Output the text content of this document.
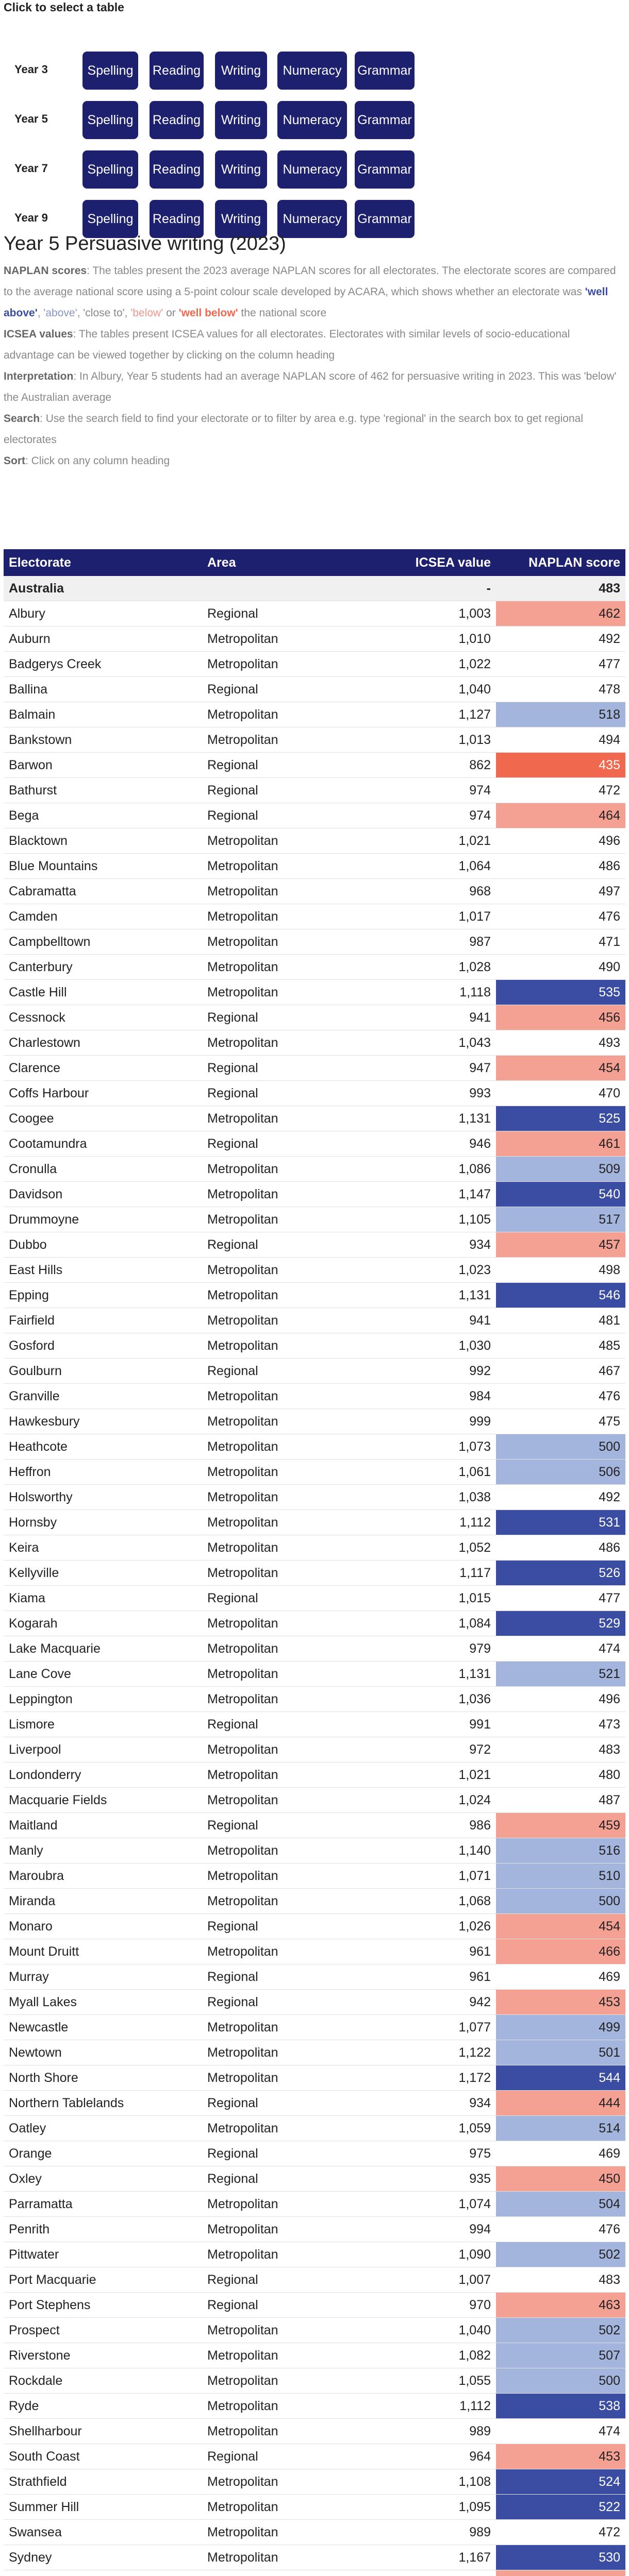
Click to select a table
Year 3	Spelling	Reading	Writing	Numeracy	Grammar
Year 5	Spelling	Reading	Writing	Numeracy	Grammar
Year 7	Spelling	Reading	Writing	Numeracy	Grammar
Year 9	Spelling	Reading	Writing	Numeracy	Grammar
Year 5 Persuasive writing (2023)
NAPLAN scores: The tables present the 2023 average NAPLAN scores for all electorates. The electorate scores are compared to the average national score using a 5-point colour scale developed by ACARA, which shows whether an electorate was 'well above', 'above', 'close to', 'below' or 'well below' the national score
ICSEA values: The tables present ICSEA values for all electorates. Electorates with similar levels of socio-educational advantage can be viewed together by clicking on the column heading
Interpretation: In Albury, Year 5 students had an average NAPLAN score of 462 for persuasive writing in 2023. This was 'below' the Australian average
Search: Use the search field to find your electorate or to filter by area e.g. type 'regional' in the search box to get regional electorates
Sort: Click on any column heading
Electorate	Area	ICSEA value	NAPLAN score
Australia		-	483
Albury	Regional	1,003	462
Auburn	Metropolitan	1,010	492
Badgerys Creek	Metropolitan	1,022	477
Ballina	Regional	1,040	478
Balmain	Metropolitan	1,127	518
Bankstown	Metropolitan	1,013	494
Barwon	Regional	862	435
Bathurst	Regional	974	472
Bega	Regional	974	464
Blacktown	Metropolitan	1,021	496
Blue Mountains	Metropolitan	1,064	486
Cabramatta	Metropolitan	968	497
Camden	Metropolitan	1,017	476
Campbelltown	Metropolitan	987	471
Canterbury	Metropolitan	1,028	490
Castle Hill	Metropolitan	1,118	535
Cessnock	Regional	941	456
Charlestown	Metropolitan	1,043	493
Clarence	Regional	947	454
Coffs Harbour	Regional	993	470
Coogee	Metropolitan	1,131	525
Cootamundra	Regional	946	461
Cronulla	Metropolitan	1,086	509
Davidson	Metropolitan	1,147	540
Drummoyne	Metropolitan	1,105	517
Dubbo	Regional	934	457
East Hills	Metropolitan	1,023	498
Epping	Metropolitan	1,131	546
Fairfield	Metropolitan	941	481
Gosford	Metropolitan	1,030	485
Goulburn	Regional	992	467
Granville	Metropolitan	984	476
Hawkesbury	Metropolitan	999	475
Heathcote	Metropolitan	1,073	500
Heffron	Metropolitan	1,061	506
Holsworthy	Metropolitan	1,038	492
Hornsby	Metropolitan	1,112	531
Keira	Metropolitan	1,052	486
Kellyville	Metropolitan	1,117	526
Kiama	Regional	1,015	477
Kogarah	Metropolitan	1,084	529
Lake Macquarie	Metropolitan	979	474
Lane Cove	Metropolitan	1,131	521
Leppington	Metropolitan	1,036	496
Lismore	Regional	991	473
Liverpool	Metropolitan	972	483
Londonderry	Metropolitan	1,021	480
Macquarie Fields	Metropolitan	1,024	487
Maitland	Regional	986	459
Manly	Metropolitan	1,140	516
Maroubra	Metropolitan	1,071	510
Miranda	Metropolitan	1,068	500
Monaro	Regional	1,026	454
Mount Druitt	Metropolitan	961	466
Murray	Regional	961	469
Myall Lakes	Regional	942	453
Newcastle	Metropolitan	1,077	499
Newtown	Metropolitan	1,122	501
North Shore	Metropolitan	1,172	544
Northern Tablelands	Regional	934	444
Oatley	Metropolitan	1,059	514
Orange	Regional	975	469
Oxley	Regional	935	450
Parramatta	Metropolitan	1,074	504
Penrith	Metropolitan	994	476
Pittwater	Metropolitan	1,090	502
Port Macquarie	Regional	1,007	483
Port Stephens	Regional	970	463
Prospect	Metropolitan	1,040	502
Riverstone	Metropolitan	1,082	507
Rockdale	Metropolitan	1,055	500
Ryde	Metropolitan	1,112	538
Shellharbour	Metropolitan	989	474
South Coast	Regional	964	453
Strathfield	Metropolitan	1,108	524
Summer Hill	Metropolitan	1,095	522
Swansea	Metropolitan	989	472
Sydney	Metropolitan	1,167	530
